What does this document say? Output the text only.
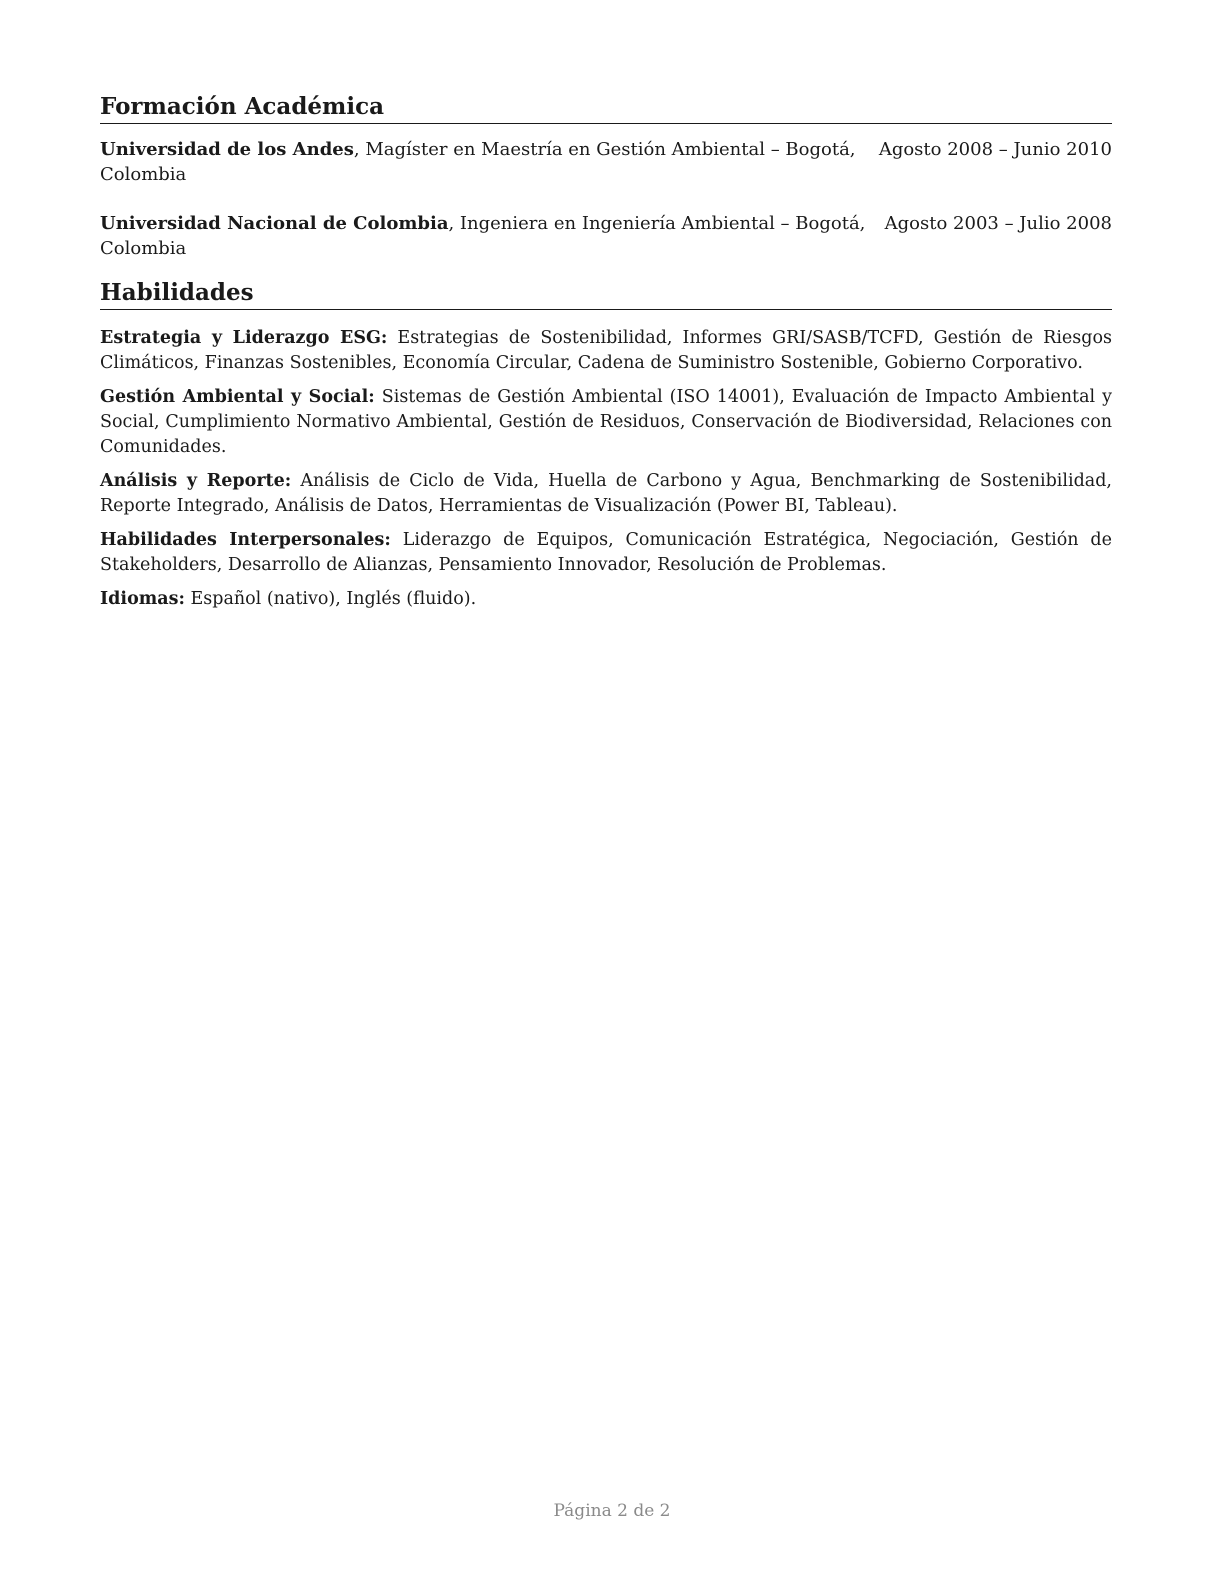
Formación Académica
Universidad de los Andes, Magíster en Maestría en Gestión Ambiental – Bogotá, Colombia
Agosto 2008 – Junio 2010
Universidad Nacional de Colombia, Ingeniera en Ingeniería Ambiental – Bogotá, Colombia
Agosto 2003 – Julio 2008
Habilidades

Estrategia y Liderazgo ESG: Estrategias de Sostenibilidad, Informes GRI/SASB/TCFD, Gestión de Riesgos Climáticos, Finanzas Sostenibles, Economía Circular, Cadena de Suministro Sostenible, Gobierno Corporativo.

Gestión Ambiental y Social: Sistemas de Gestión Ambiental (ISO 14001), Evaluación de Impacto Ambiental y Social, Cumplimiento Normativo Ambiental, Gestión de Residuos, Conservación de Biodiversidad, Relaciones con Comunidades.

Análisis y Reporte: Análisis de Ciclo de Vida, Huella de Carbono y Agua, Benchmarking de Sostenibilidad, Reporte Integrado, Análisis de Datos, Herramientas de Visualización (Power BI, Tableau).

Habilidades Interpersonales: Liderazgo de Equipos, Comunicación Estratégica, Negociación, Gestión de Stakeholders, Desarrollo de Alianzas, Pensamiento Innovador, Resolución de Problemas.

Idiomas: Español (nativo), Inglés (fluido).

Página 2 de 2
